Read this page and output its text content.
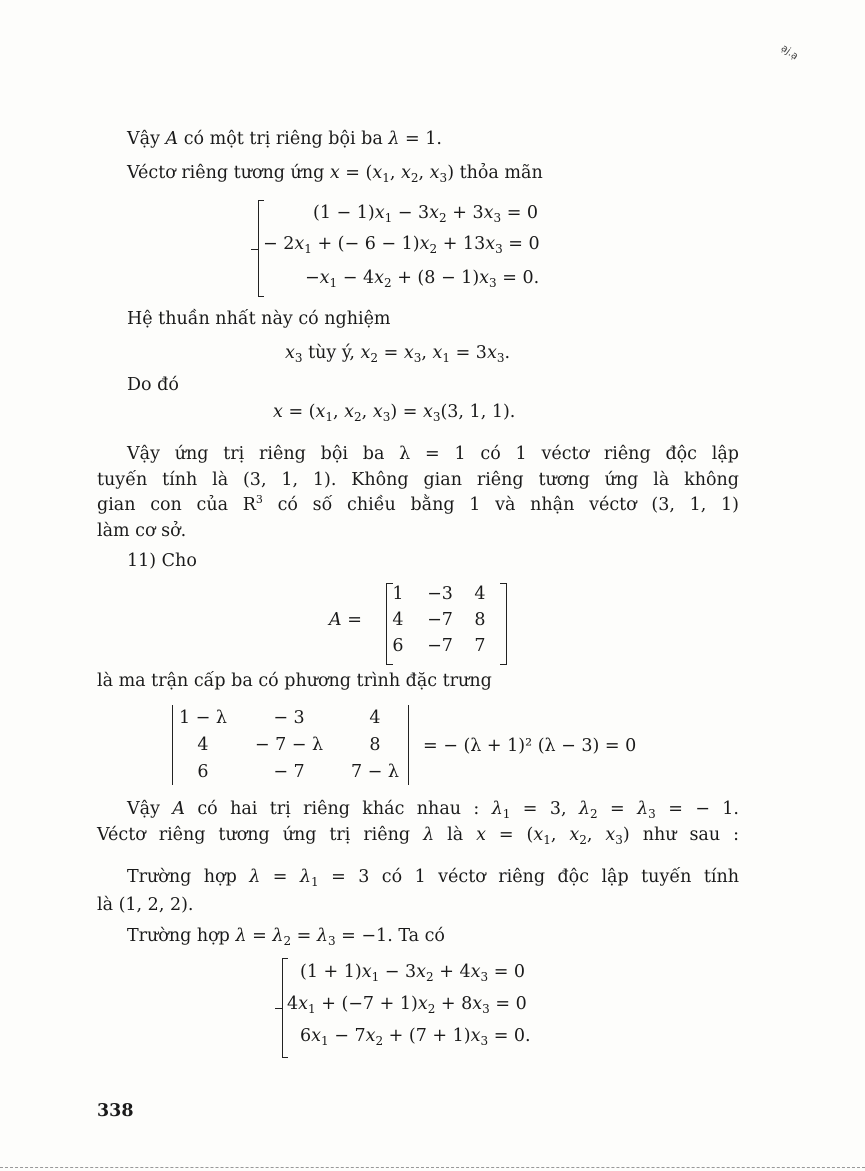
ạj.ạ
Vậy A có một trị riêng bội ba λ = 1.
Véctơ riêng tương ứng $x = (x_1$, $x_2$, $x_3$) thỏa mãn
$(1 - 1)x_1 - 3x_2 + 3x_3 = 0$
− $2x_1$ + (− $6 - 1)x_2 + 13x_3 = 0$
$-x_1 - 4x_2 + (8 - 1)x_3 = 0$.
Hệ thuần nhất này có nghiệm
$x_3$ tùy ý, $x_2 = x_3$, $x_1 = 3x_3$.
Do đó
$x = (x_1$, $x_2$, $x_3) = x_3(3$, 1, 1).
Vậy ứng trị riêng bội ba λ = 1 có 1 véctơ riêng độc lập
tuyến tính là (3, 1, 1). Không gian riêng tương ứng là không
gian con của $R^3$ có số chiều bằng 1 và nhận véctơ (3, 1, 1)
làm cơ sở.
11) Cho
A =
1	−3	4
4	−7	8
6	−7	7
là ma trận cấp ba có phương trình đặc trưng
1 − λ	− 3	4
4	− 7 − λ	8
6	− 7	7 − λ
= − (λ + 1)² (λ − 3) = 0
Vậy A có hai trị riêng khác nhau : $\lambda_1 = 3$, $\lambda_2 = \lambda_3$ = − 1.
Véctơ riêng tương ứng trị riêng λ là $x = (x_1$, $x_2$, $x_3$) như sau :
Trường hợp $\lambda = \lambda_1 = 3$ có 1 véctơ riêng độc lập tuyến tính
là (1, 2, 2).
Trường hợp $\lambda = \lambda_2 = \lambda_3 = -1$. Ta có
$(1 + 1)x_1 - 3x_2 + 4x_3 = 0$
$4x_1 + (-7 + 1)x_2 + 8x_3 = 0$
$6x_1 - 7x_2 + (7 + 1)x_3 = 0$.
338
